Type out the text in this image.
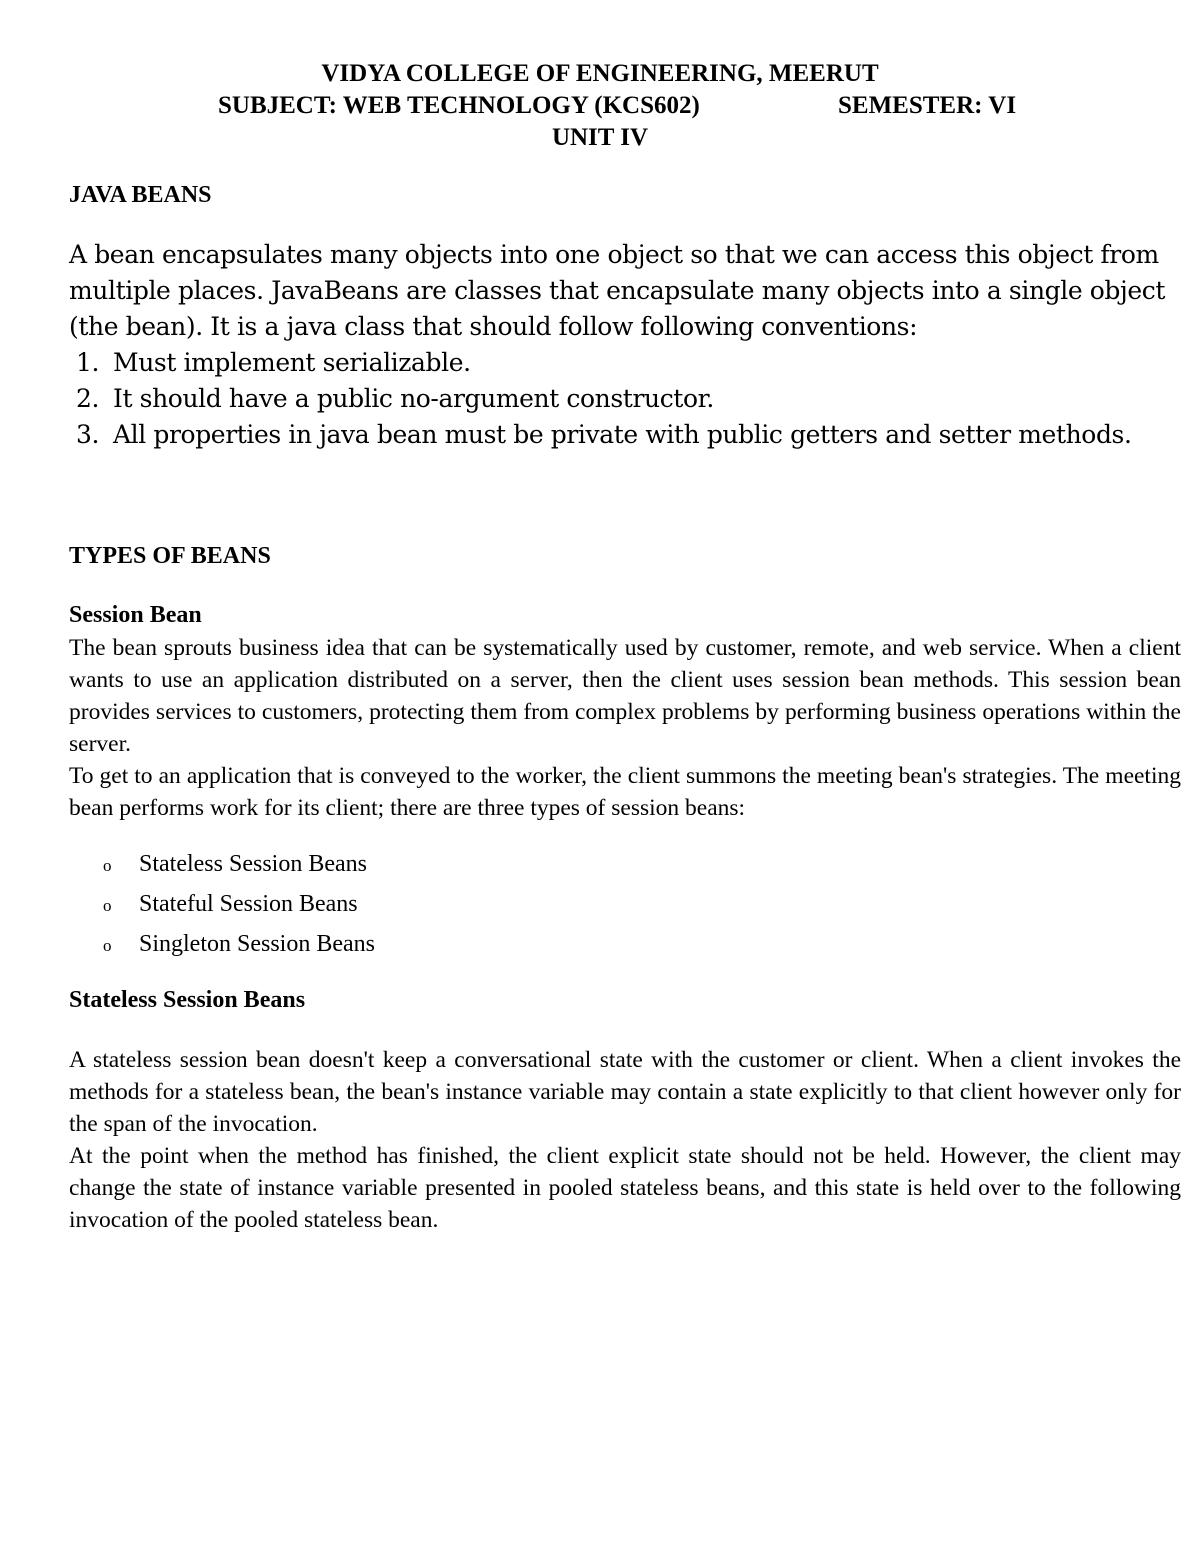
VIDYA COLLEGE OF ENGINEERING, MEERUT
SUBJECT: WEB TECHNOLOGY (KCS602)	SEMESTER: VI
UNIT IV
JAVA BEANS

A bean encapsulates many objects into one object so that we can access this object from multiple places. JavaBeans are classes that encapsulate many objects into a single object (the bean). It is a java class that should follow following conventions:

1. Must implement serializable.
2. It should have a public no-argument constructor.
3. All properties in java bean must be private with public getters and setter methods.
TYPES OF BEANS
Session Bean

The bean sprouts business idea that can be systematically used by customer, remote, and web service. When a client wants to use an application distributed on a server, then the client uses session bean methods. This session bean provides services to customers, protecting them from complex problems by performing business operations within the server.

To get to an application that is conveyed to the worker, the client summons the meeting bean's strategies. The meeting bean performs work for its client; there are three types of session beans:

o	Stateless Session Beans
o	Stateful Session Beans
o	Singleton Session Beans
Stateless Session Beans

A stateless session bean doesn't keep a conversational state with the customer or client. When a client invokes the methods for a stateless bean, the bean's instance variable may contain a state explicitly to that client however only for the span of the invocation.

At the point when the method has finished, the client explicit state should not be held. However, the client may change the state of instance variable presented in pooled stateless beans, and this state is held over to the following invocation of the pooled stateless bean.
